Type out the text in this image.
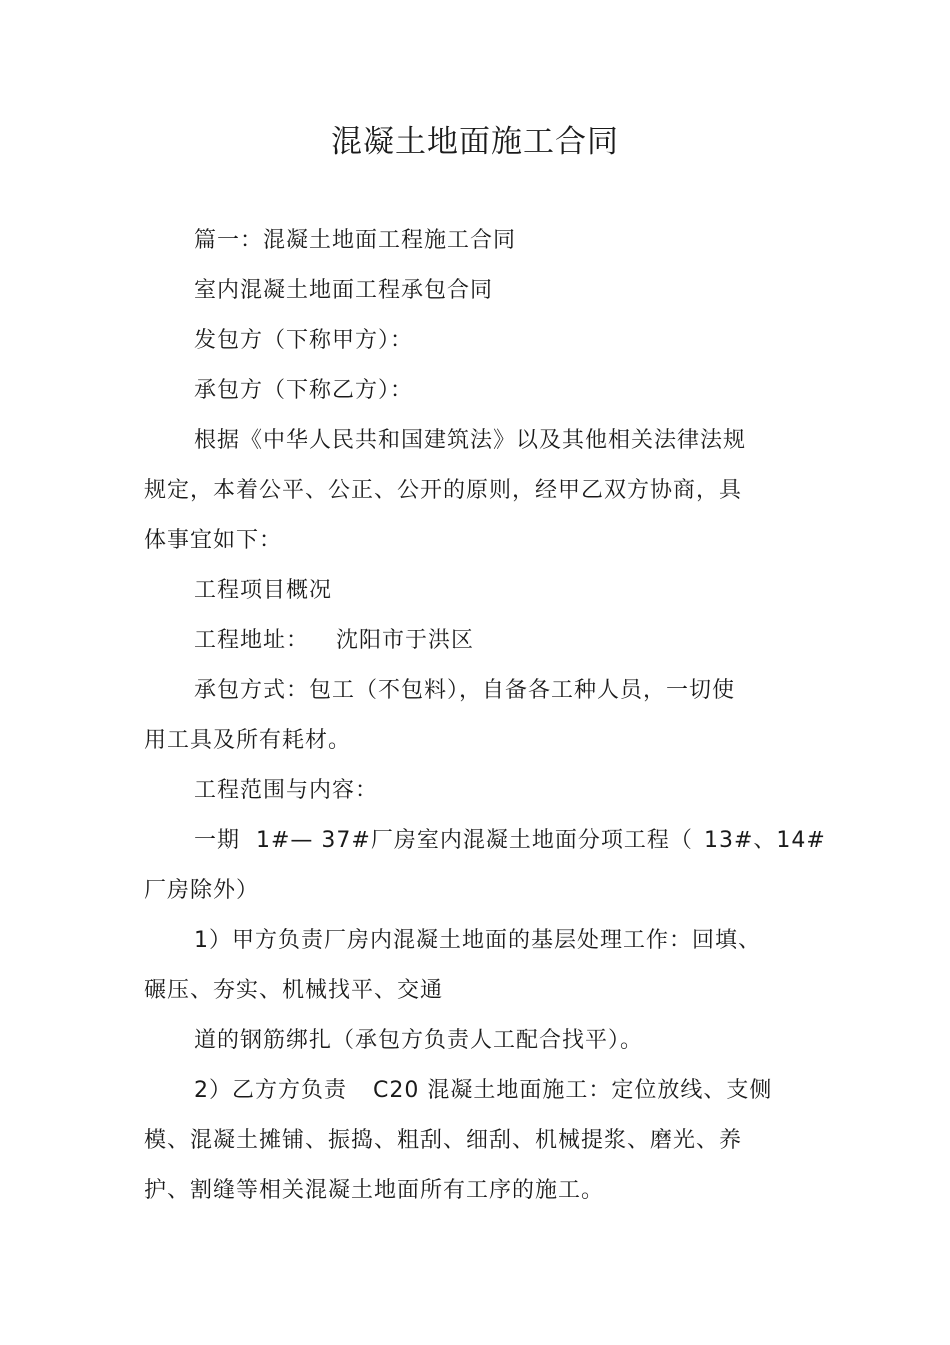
混凝土地面施工合同
篇一：混凝土地面工程施工合同
室内混凝土地面工程承包合同
发包方（下称甲方）：
承包方（下称乙方）：
根据《中华人民共和国建筑法》以及其他相关法律法规
规定，本着公平、公正、公开的原则，经甲乙双方协商，具
体事宜如下：
工程项目概况
工程地址： 沈阳市于洪区
承包方式：包工（不包料），自备各工种人员，一切使
用工具及所有耗材。
工程范围与内容：
一期 1#— 37#厂房室内混凝土地面分项工程（ 13#、14#
厂房除外）
1）甲方负责厂房内混凝土地面的基层处理工作：回填、
碾压、夯实、机械找平、交通
道的钢筋绑扎（承包方负责人工配合找平）。
2）乙方方负责 C20 混凝土地面施工：定位放线、支侧
模、混凝土摊铺、振捣、粗刮、细刮、机械提浆、磨光、养
护、割缝等相关混凝土地面所有工序的施工。
